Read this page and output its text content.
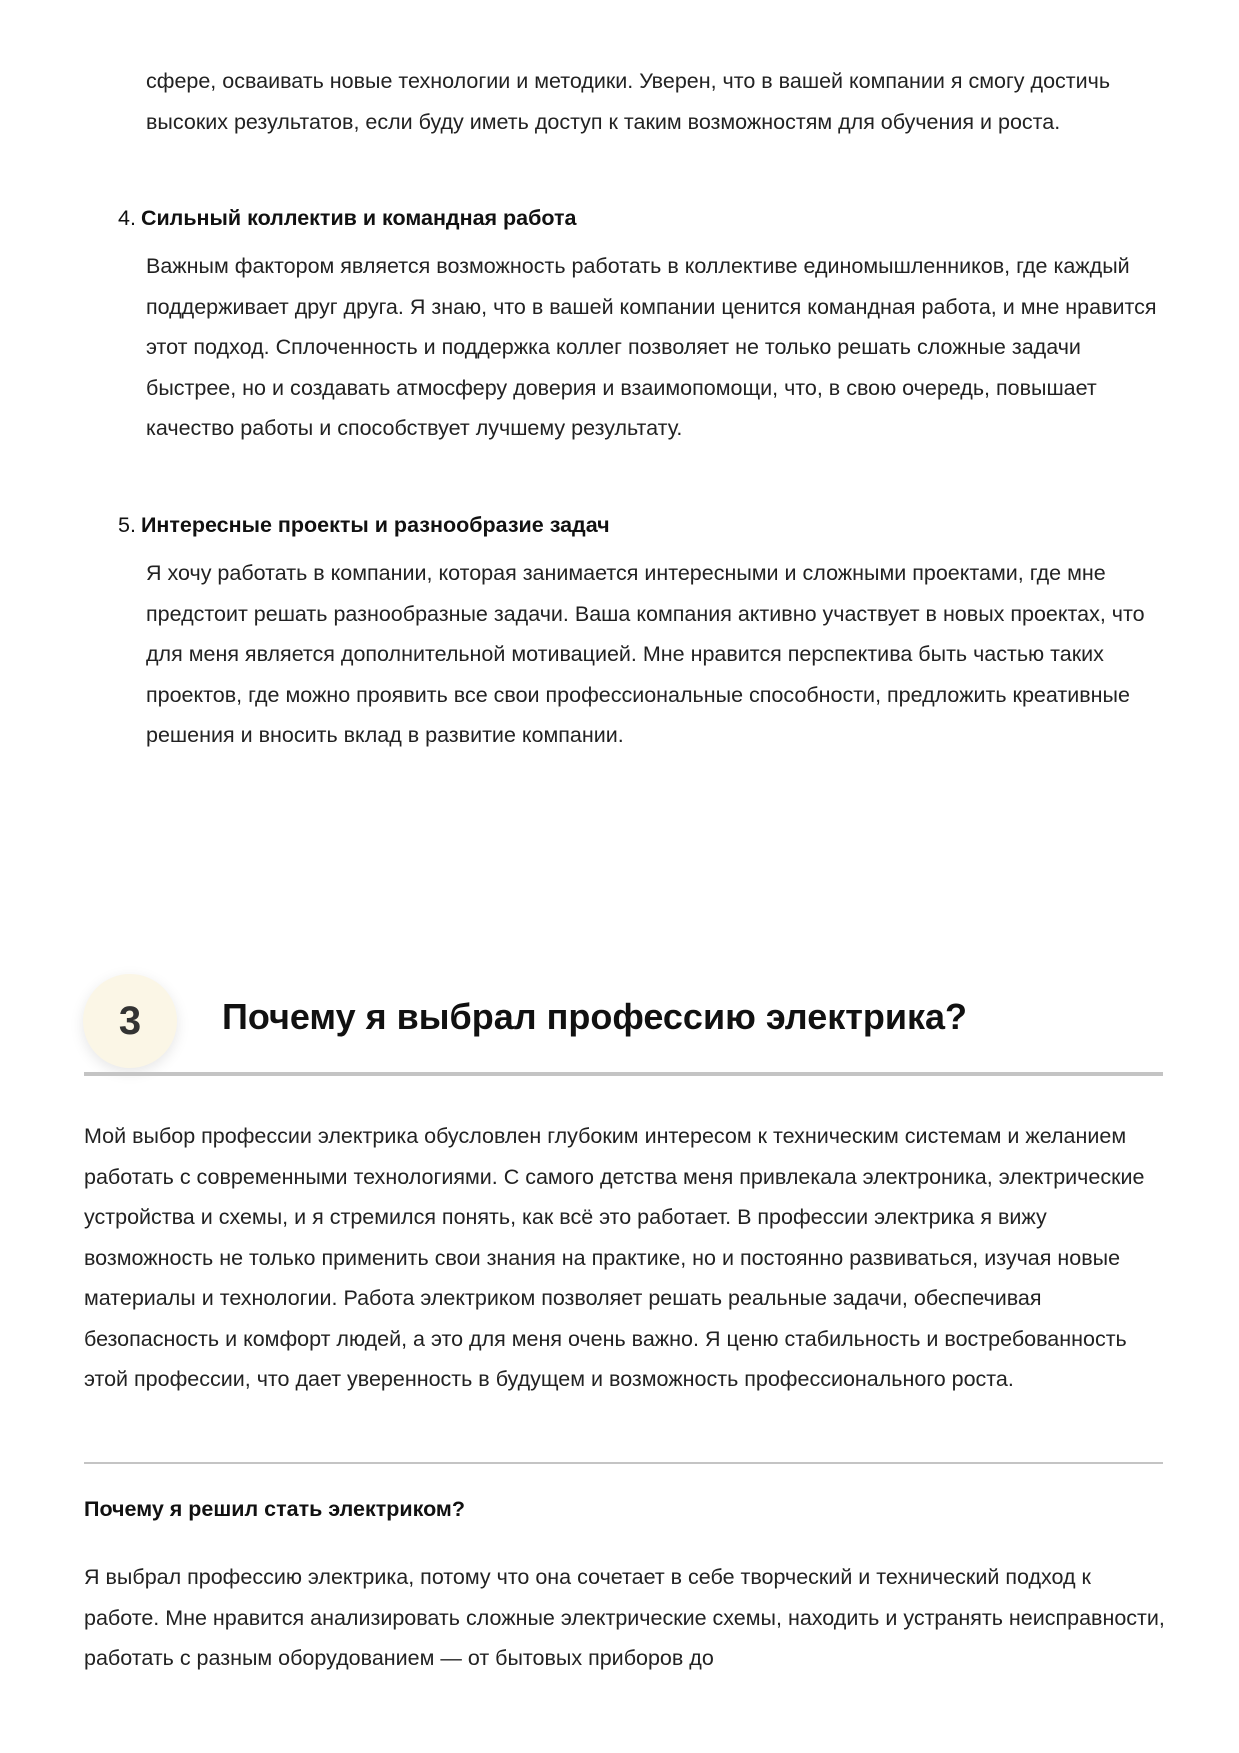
сфере, осваивать новые технологии и методики. Уверен, что в вашей компании я смогу достичь высоких результатов, если буду иметь доступ к таким возможностям для обучения и роста.
4. Сильный коллектив и командная работа
Важным фактором является возможность работать в коллективе единомышленников, где каждый поддерживает друг друга. Я знаю, что в вашей компании ценится командная работа, и мне нравится этот подход. Сплоченность и поддержка коллег позволяет не только решать сложные задачи быстрее, но и создавать атмосферу доверия и взаимопомощи, что, в свою очередь, повышает качество работы и способствует лучшему результату.
5. Интересные проекты и разнообразие задач
Я хочу работать в компании, которая занимается интересными и сложными проектами, где мне предстоит решать разнообразные задачи. Ваша компания активно участвует в новых проектах, что для меня является дополнительной мотивацией. Мне нравится перспектива быть частью таких проектов, где можно проявить все свои профессиональные способности, предложить креативные решения и вносить вклад в развитие компании.
3	Почему я выбрал профессию электрика?
Мой выбор профессии электрика обусловлен глубоким интересом к техническим системам и желанием работать с современными технологиями. С самого детства меня привлекала электроника, электрические устройства и схемы, и я стремился понять, как всё это работает. В профессии электрика я вижу возможность не только применить свои знания на практике, но и постоянно развиваться, изучая новые материалы и технологии. Работа электриком позволяет решать реальные задачи, обеспечивая безопасность и комфорт людей, а это для меня очень важно. Я ценю стабильность и востребованность этой профессии, что дает уверенность в будущем и возможность профессионального роста.
Почему я решил стать электриком?
Я выбрал профессию электрика, потому что она сочетает в себе творческий и технический подход к работе. Мне нравится анализировать сложные электрические схемы, находить и устранять неисправности, работать с разным оборудованием — от бытовых приборов до
